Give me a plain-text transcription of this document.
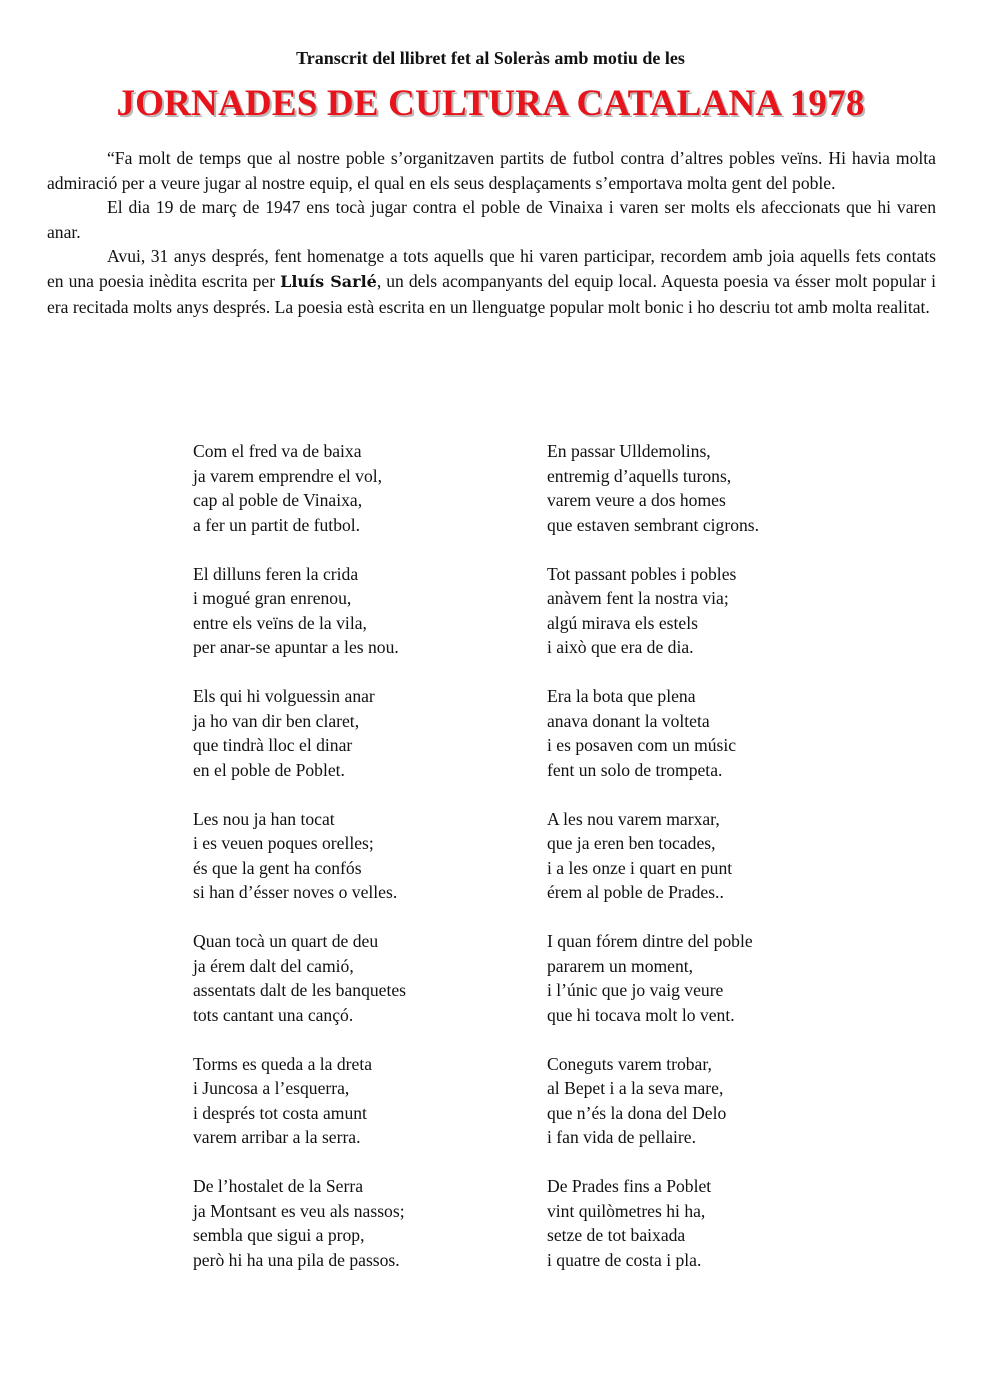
Transcrit del llibret fet al Soleràs amb motiu de les
JORNADES DE CULTURA CATALANA 1978

“Fa molt de temps que al nostre poble s’organitzaven partits de futbol contra d’altres pobles veïns. Hi havia molta admiració per a veure jugar al nostre equip, el qual en els seus desplaçaments s’emportava molta gent del poble.

El dia 19 de març de 1947 ens tocà jugar contra el poble de Vinaixa i varen ser molts els afeccionats que hi varen anar.

Avui, 31 anys després, fent homenatge a tots aquells que hi varen participar, recordem amb joia aquells fets contats en una poesia inèdita escrita per Lluís Sarlé, un dels acompanyants del equip local. Aquesta poesia va ésser molt popular i era recitada molts anys després. La poesia està escrita en un llenguatge popular molt bonic i ho descriu tot amb molta realitat.

Com el fred va de baixa
ja varem emprendre el vol,
cap al poble de Vinaixa,
a fer un partit de futbol.
El dilluns feren la crida
i mogué gran enrenou,
entre els veïns de la vila,
per anar-se apuntar a les nou.
Els qui hi volguessin anar
ja ho van dir ben claret,
que tindrà lloc el dinar
en el poble de Poblet.
Les nou ja han tocat
i es veuen poques orelles;
és que la gent ha confós
si han d’ésser noves o velles.
Quan tocà un quart de deu
ja érem dalt del camió,
assentats dalt de les banquetes
tots cantant una cançó.
Torms es queda a la dreta
i Juncosa a l’esquerra,
i després tot costa amunt
varem arribar a la serra.
De l’hostalet de la Serra
ja Montsant es veu als nassos;
sembla que sigui a prop,
però hi ha una pila de passos.
En passar Ulldemolins,
entremig d’aquells turons,
varem veure a dos homes
que estaven sembrant cigrons.
Tot passant pobles i pobles
anàvem fent la nostra via;
algú mirava els estels
i això que era de dia.
Era la bota que plena
anava donant la volteta
i es posaven com un músic
fent un solo de trompeta.
A les nou varem marxar,
que ja eren ben tocades,
i a les onze i quart en punt
érem al poble de Prades..
I quan fórem dintre del poble
pararem un moment,
i l’únic que jo vaig veure
que hi tocava molt lo vent.
Coneguts varem trobar,
al Bepet i a la seva mare,
que n’és la dona del Delo
i fan vida de pellaire.
De Prades fins a Poblet
vint quilòmetres hi ha,
setze de tot baixada
i quatre de costa i pla.
